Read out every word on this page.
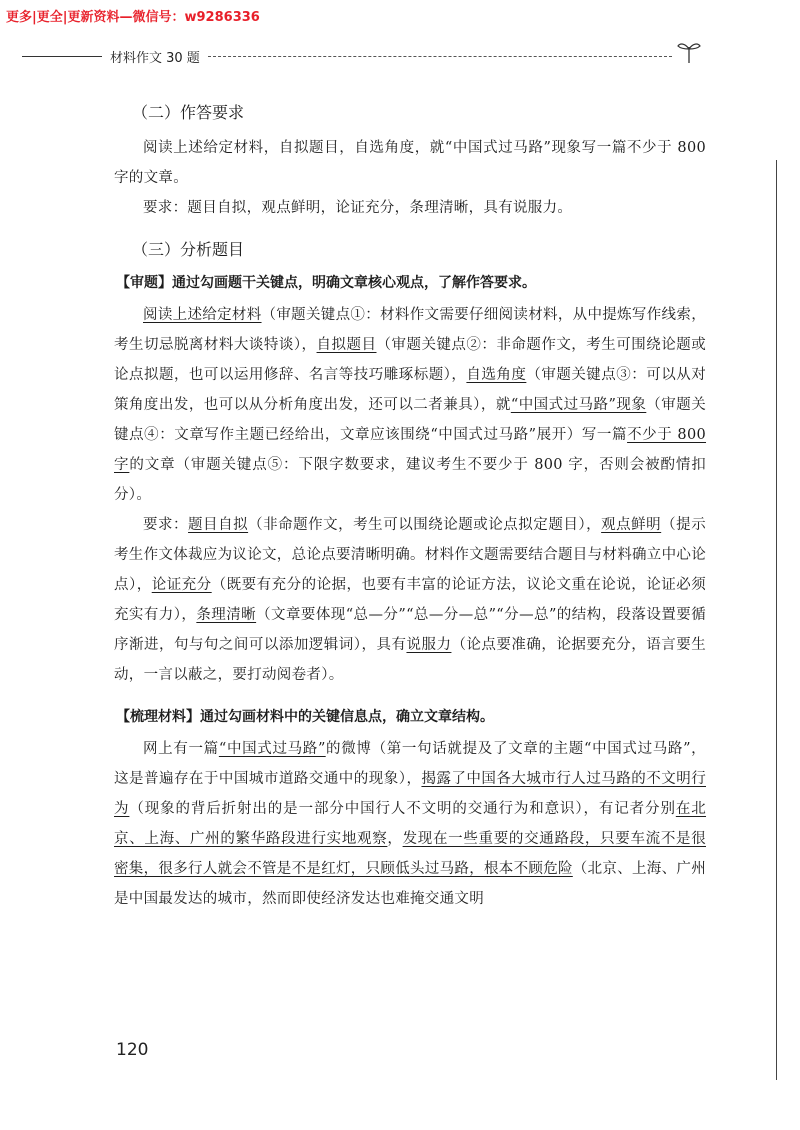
更多|更全|更新资料—微信号：w9286336
材料作文 30 题
（二）作答要求

阅读上述给定材料，自拟题目，自选角度，就“中国式过马路”现象写一篇不少于 800 字的文章。

要求：题目自拟，观点鲜明，论证充分，条理清晰，具有说服力。

（三）分析题目
【审题】通过勾画题干关键点，明确文章核心观点，了解作答要求。

阅读上述给定材料（审题关键点①：材料作文需要仔细阅读材料，从中提炼写作线索，考生切忌脱离材料大谈特谈），自拟题目（审题关键点②：非命题作文，考生可围绕论题或论点拟题，也可以运用修辞、名言等技巧雕琢标题），自选角度（审题关键点③：可以从对策角度出发，也可以从分析角度出发，还可以二者兼具），就“中国式过马路”现象（审题关键点④：文章写作主题已经给出，文章应该围绕“中国式过马路”展开）写一篇不少于 800 字的文章（审题关键点⑤：下限字数要求，建议考生不要少于 800 字，否则会被酌情扣分）。

要求：题目自拟（非命题作文，考生可以围绕论题或论点拟定题目），观点鲜明（提示考生作文体裁应为议论文，总论点要清晰明确。材料作文题需要结合题目与材料确立中心论点），论证充分（既要有充分的论据，也要有丰富的论证方法，议论文重在论说，论证必须充实有力），条理清晰（文章要体现“总—分”“总—分—总”“分—总”的结构，段落设置要循序渐进，句与句之间可以添加逻辑词），具有说服力（论点要准确，论据要充分，语言要生动，一言以蔽之，要打动阅卷者）。

【梳理材料】通过勾画材料中的关键信息点，确立文章结构。

网上有一篇“中国式过马路”的微博（第一句话就提及了文章的主题“中国式过马路”，这是普遍存在于中国城市道路交通中的现象），揭露了中国各大城市行人过马路的不文明行为（现象的背后折射出的是一部分中国行人不文明的交通行为和意识），有记者分别在北京、上海、广州的繁华路段进行实地观察，发现在一些重要的交通路段，只要车流不是很密集，很多行人就会不管是不是红灯，只顾低头过马路，根本不顾危险（北京、上海、广州是中国最发达的城市，然而即使经济发达也难掩交通文明

120
